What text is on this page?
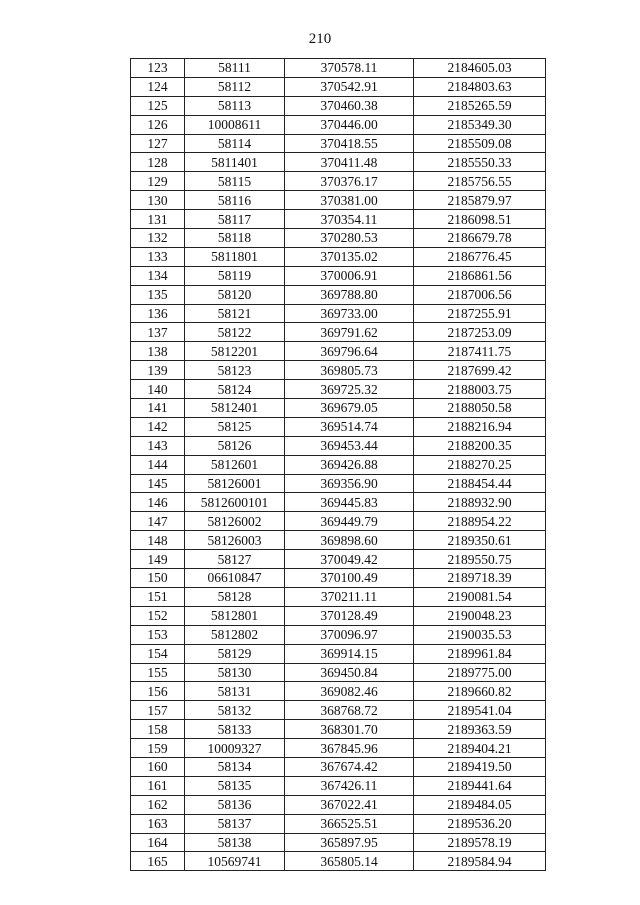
210
123	58111	370578.11	2184605.03
124	58112	370542.91	2184803.63
125	58113	370460.38	2185265.59
126	10008611	370446.00	2185349.30
127	58114	370418.55	2185509.08
128	5811401	370411.48	2185550.33
129	58115	370376.17	2185756.55
130	58116	370381.00	2185879.97
131	58117	370354.11	2186098.51
132	58118	370280.53	2186679.78
133	5811801	370135.02	2186776.45
134	58119	370006.91	2186861.56
135	58120	369788.80	2187006.56
136	58121	369733.00	2187255.91
137	58122	369791.62	2187253.09
138	5812201	369796.64	2187411.75
139	58123	369805.73	2187699.42
140	58124	369725.32	2188003.75
141	5812401	369679.05	2188050.58
142	58125	369514.74	2188216.94
143	58126	369453.44	2188200.35
144	5812601	369426.88	2188270.25
145	58126001	369356.90	2188454.44
146	5812600101	369445.83	2188932.90
147	58126002	369449.79	2188954.22
148	58126003	369898.60	2189350.61
149	58127	370049.42	2189550.75
150	06610847	370100.49	2189718.39
151	58128	370211.11	2190081.54
152	5812801	370128.49	2190048.23
153	5812802	370096.97	2190035.53
154	58129	369914.15	2189961.84
155	58130	369450.84	2189775.00
156	58131	369082.46	2189660.82
157	58132	368768.72	2189541.04
158	58133	368301.70	2189363.59
159	10009327	367845.96	2189404.21
160	58134	367674.42	2189419.50
161	58135	367426.11	2189441.64
162	58136	367022.41	2189484.05
163	58137	366525.51	2189536.20
164	58138	365897.95	2189578.19
165	10569741	365805.14	2189584.94
